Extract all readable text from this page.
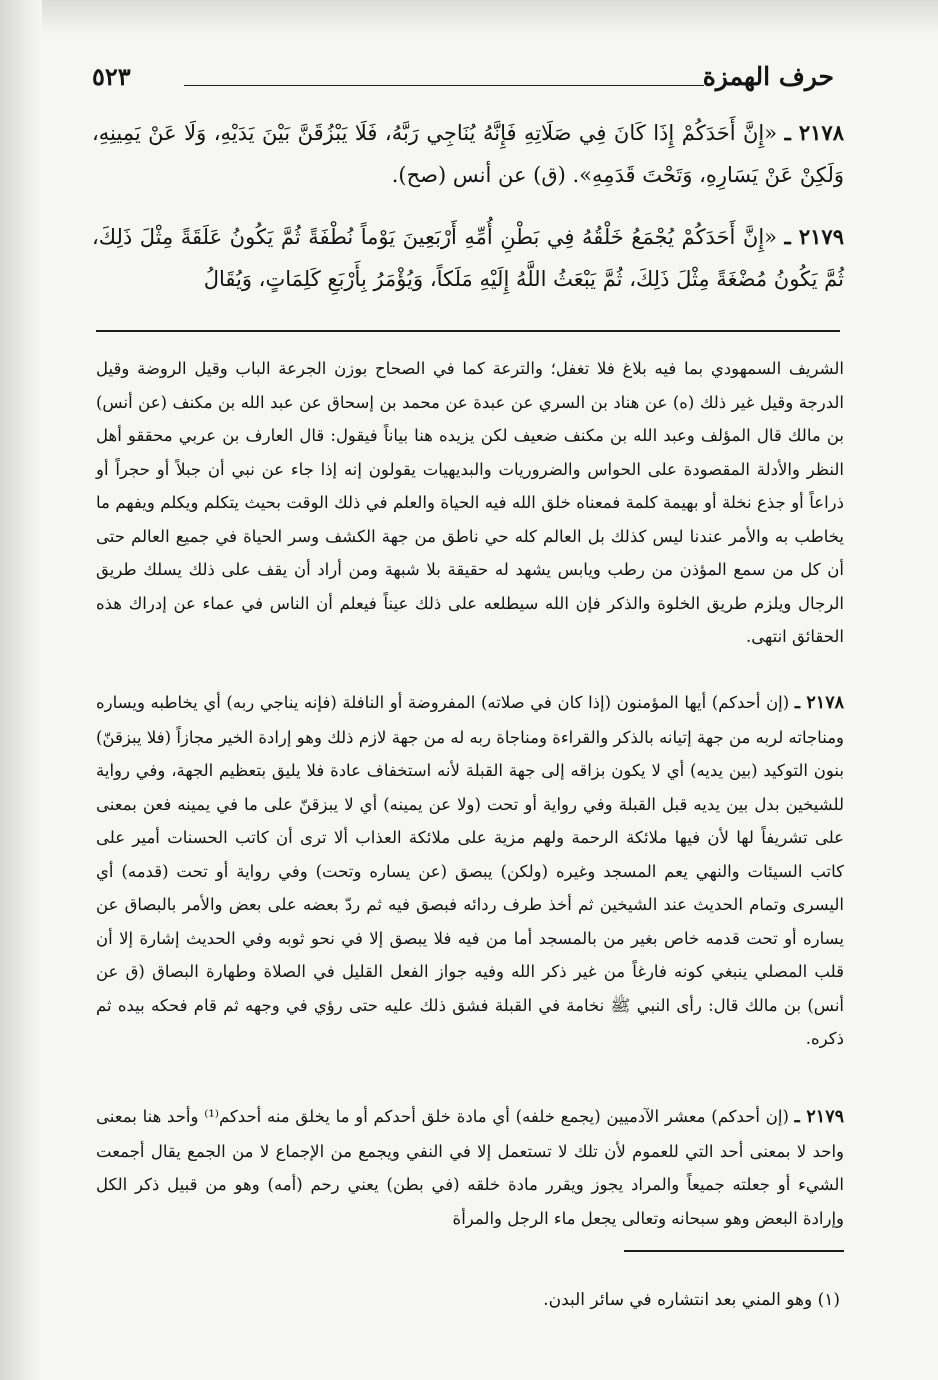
حرف الهمزة
٥٢٣

٢١٧٨ ـ «إِنَّ أَحَدَكُمْ إِذَا كَانَ فِي صَلَاتِهِ فَإِنَّهُ يُنَاجِي رَبَّهُ، فَلَا يَبْزُقَنَّ بَيْنَ يَدَيْهِ، وَلَا عَنْ يَمِينِهِ، وَلَكِنْ عَنْ يَسَارِهِ، وَتَحْتَ قَدَمِهِ». (ق) عن أنس (صح).

٢١٧٩ ـ «إِنَّ أَحَدَكُمْ يُجْمَعُ خَلْقُهُ فِي بَطْنِ أُمِّهِ أَرْبَعِينَ يَوْماً نُطْفَةً ثُمَّ يَكُونُ عَلَقَةً مِثْلَ ذَلِكَ، ثُمَّ يَكُونُ مُضْغَةً مِثْلَ ذَلِكَ، ثُمَّ يَبْعَثُ اللَّهُ إِلَيْهِ مَلَكاً، وَيُؤْمَرُ بِأَرْبَعِ كَلِمَاتٍ، وَيُقَالُ

الشريف السمهودي بما فيه بلاغ فلا تغفل؛ والترعة كما في الصحاح بوزن الجرعة الباب وقيل الروضة وقيل الدرجة وقيل غير ذلك (ه) عن هناد بن السري عن عبدة عن محمد بن إسحاق عن عبد الله بن مكنف (عن أنس) بن مالك قال المؤلف وعبد الله بن مكنف ضعيف لكن يزيده هنا بياناً فيقول: قال العارف بن عربي محققو أهل النظر والأدلة المقصودة على الحواس والضروريات والبديهيات يقولون إنه إذا جاء عن نبي أن جبلاً أو حجراً أو ذراعاً أو جذع نخلة أو بهيمة كلمة فمعناه خلق الله فيه الحياة والعلم في ذلك الوقت بحيث يتكلم ويكلم ويفهم ما يخاطب به والأمر عندنا ليس كذلك بل العالم كله حي ناطق من جهة الكشف وسر الحياة في جميع العالم حتى أن كل من سمع المؤذن من رطب ويابس يشهد له حقيقة بلا شبهة ومن أراد أن يقف على ذلك يسلك طريق الرجال ويلزم طريق الخلوة والذكر فإن الله سيطلعه على ذلك عيناً فيعلم أن الناس في عماء عن إدراك هذه الحقائق انتهى.

٢١٧٨ ـ (إن أحدكم) أيها المؤمنون (إذا كان في صلاته) المفروضة أو النافلة (فإنه يناجي ربه) أي يخاطبه ويساره ومناجاته لربه من جهة إتيانه بالذكر والقراءة ومناجاة ربه له من جهة لازم ذلك وهو إرادة الخير مجازاً (فلا يبزقنّ) بنون التوكيد (بين يديه) أي لا يكون بزاقه إلى جهة القبلة لأنه استخفاف عادة فلا يليق بتعظيم الجهة، وفي رواية للشيخين بدل بين يديه قبل القبلة وفي رواية أو تحت (ولا عن يمينه) أي لا يبزقنّ على ما في يمينه فعن بمعنى على تشريفاً لها لأن فيها ملائكة الرحمة ولهم مزية على ملائكة العذاب ألا ترى أن كاتب الحسنات أمير على كاتب السيئات والنهي يعم المسجد وغيره (ولكن) يبصق (عن يساره وتحت) وفي رواية أو تحت (قدمه) أي اليسرى وتمام الحديث عند الشيخين ثم أخذ طرف ردائه فبصق فيه ثم ردّ بعضه على بعض والأمر بالبصاق عن يساره أو تحت قدمه خاص بغير من بالمسجد أما من فيه فلا يبصق إلا في نحو ثوبه وفي الحديث إشارة إلا أن قلب المصلي ينبغي كونه فارغاً من غير ذكر الله وفيه جواز الفعل القليل في الصلاة وطهارة البصاق (ق عن أنس) بن مالك قال: رأى النبي ﷺ نخامة في القبلة فشق ذلك عليه حتى رؤي في وجهه ثم قام فحكه بيده ثم ذكره.

٢١٧٩ ـ (إن أحدكم) معشر الآدميين (يجمع خلفه) أي مادة خلق أحدكم أو ما يخلق منه أحدكم⁽¹⁾ وأحد هنا بمعنى واحد لا بمعنى أحد التي للعموم لأن تلك لا تستعمل إلا في النفي ويجمع من الإجماع لا من الجمع يقال أجمعت الشيء أو جعلته جميعاً والمراد يجوز ويقرر مادة خلقه (في بطن) يعني رحم (أمه) وهو من قبيل ذكر الكل وإرادة البعض وهو سبحانه وتعالى يجعل ماء الرجل والمرأة

(١) وهو المني بعد انتشاره في سائر البدن.
